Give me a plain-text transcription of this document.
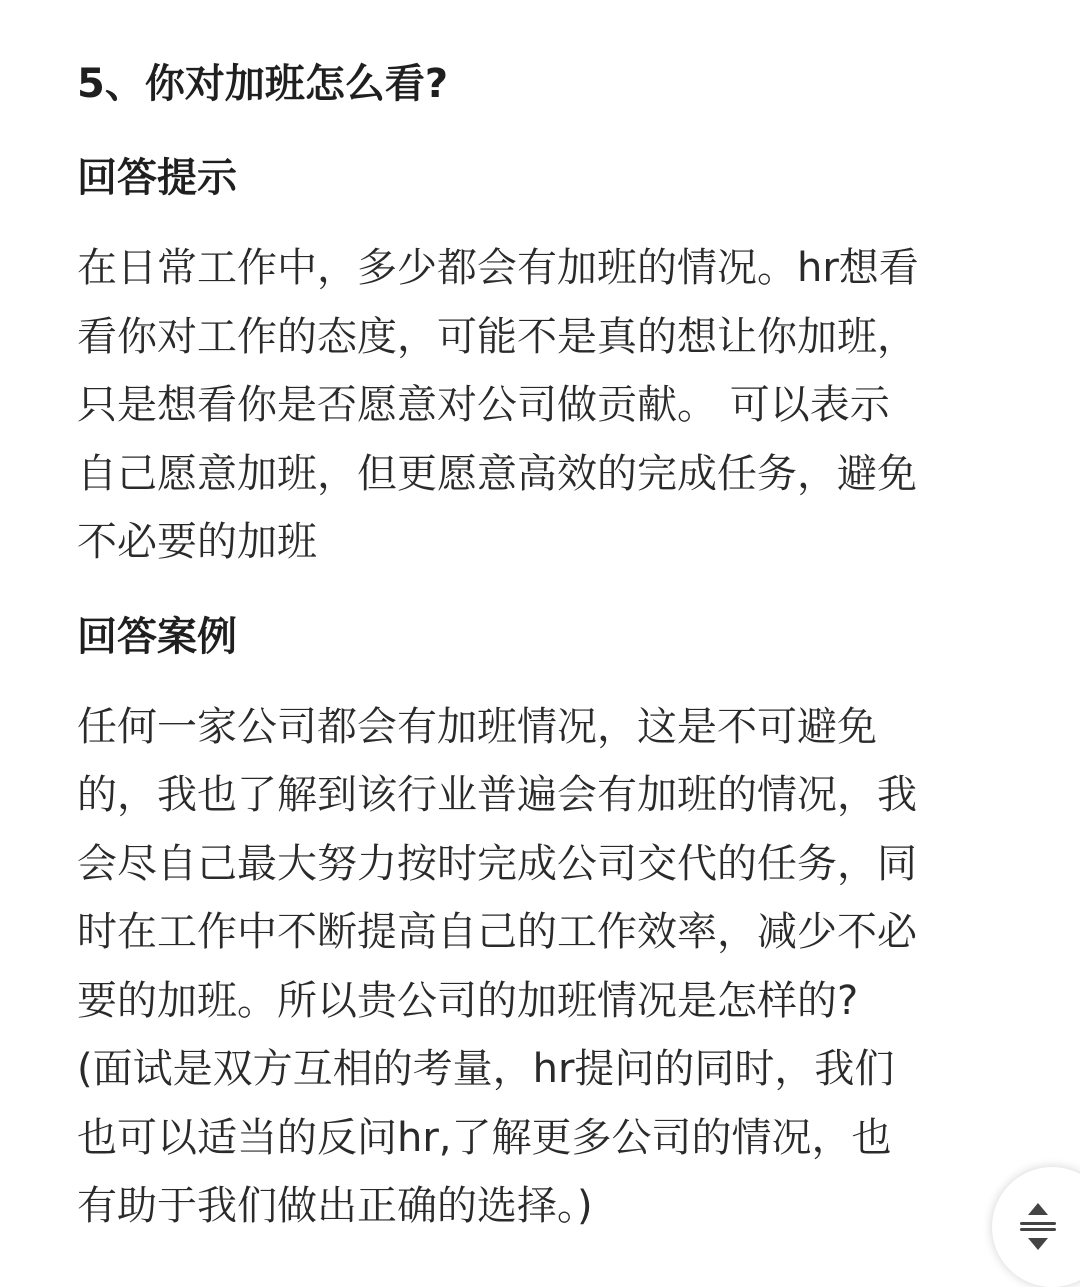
5、你对加班怎么看?
回答提示

在日常工作中，多少都会有加班的情况。hr想看
看你对工作的态度，可能不是真的想让你加班，
只是想看你是否愿意对公司做贡献。 可以表示
自己愿意加班，但更愿意高效的完成任务，避免
不必要的加班

回答案例

任何一家公司都会有加班情况，这是不可避免
的，我也了解到该行业普遍会有加班的情况，我
会尽自己最大努力按时完成公司交代的任务，同
时在工作中不断提高自己的工作效率，减少不必
要的加班。所以贵公司的加班情况是怎样的?
(面试是双方互相的考量，hr提问的同时，我们
也可以适当的反问hr,了解更多公司的情况，也
有助于我们做出正确的选择。)
